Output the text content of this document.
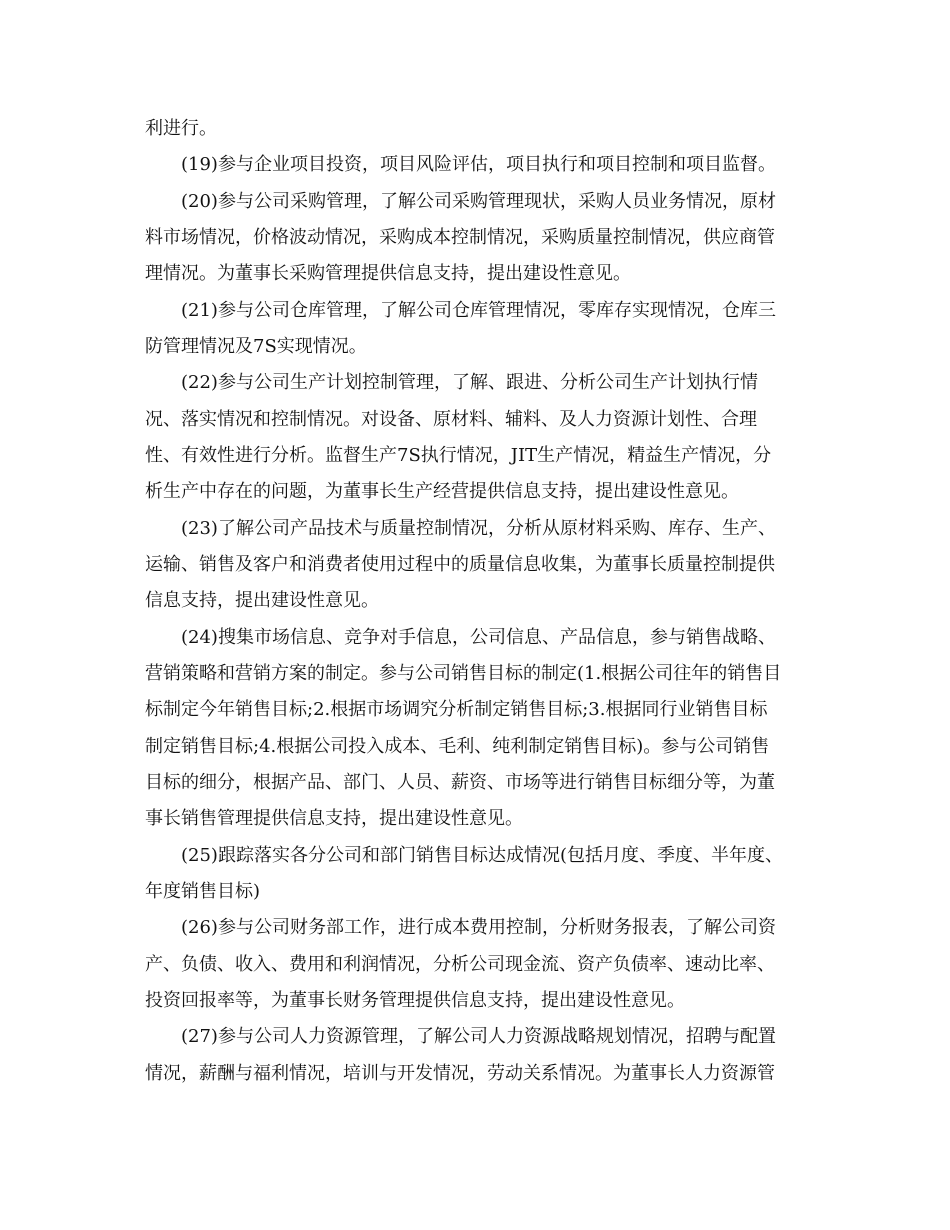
利进行。

(19)参与企业项目投资，项目风险评估，项目执行和项目控制和项目监督。

(20)参与公司采购管理，了解公司采购管理现状，采购人员业务情况，原材

料市场情况，价格波动情况，采购成本控制情况，采购质量控制情况，供应商管

理情况。为董事长采购管理提供信息支持，提出建设性意见。

(21)参与公司仓库管理，了解公司仓库管理情况，零库存实现情况，仓库三

防管理情况及7S实现情况。

(22)参与公司生产计划控制管理，了解、跟进、分析公司生产计划执行情

况、落实情况和控制情况。对设备、原材料、辅料、及人力资源计划性、合理

性、有效性进行分析。监督生产7S执行情况，JIT生产情况，精益生产情况，分

析生产中存在的问题，为董事长生产经营提供信息支持，提出建设性意见。

(23)了解公司产品技术与质量控制情况，分析从原材料采购、库存、生产、

运输、销售及客户和消费者使用过程中的质量信息收集，为董事长质量控制提供

信息支持，提出建设性意见。

(24)搜集市场信息、竞争对手信息，公司信息、产品信息，参与销售战略、

营销策略和营销方案的制定。参与公司销售目标的制定(1.根据公司往年的销售目

标制定今年销售目标;2.根据市场调究分析制定销售目标;3.根据同行业销售目标

制定销售目标;4.根据公司投入成本、毛利、纯利制定销售目标)。参与公司销售

目标的细分，根据产品、部门、人员、薪资、市场等进行销售目标细分等，为董

事长销售管理提供信息支持，提出建设性意见。

(25)跟踪落实各分公司和部门销售目标达成情况(包括月度、季度、半年度、

年度销售目标)

(26)参与公司财务部工作，进行成本费用控制，分析财务报表，了解公司资

产、负债、收入、费用和利润情况，分析公司现金流、资产负债率、速动比率、

投资回报率等，为董事长财务管理提供信息支持，提出建设性意见。

(27)参与公司人力资源管理，了解公司人力资源战略规划情况，招聘与配置

情况，薪酬与福利情况，培训与开发情况，劳动关系情况。为董事长人力资源管
